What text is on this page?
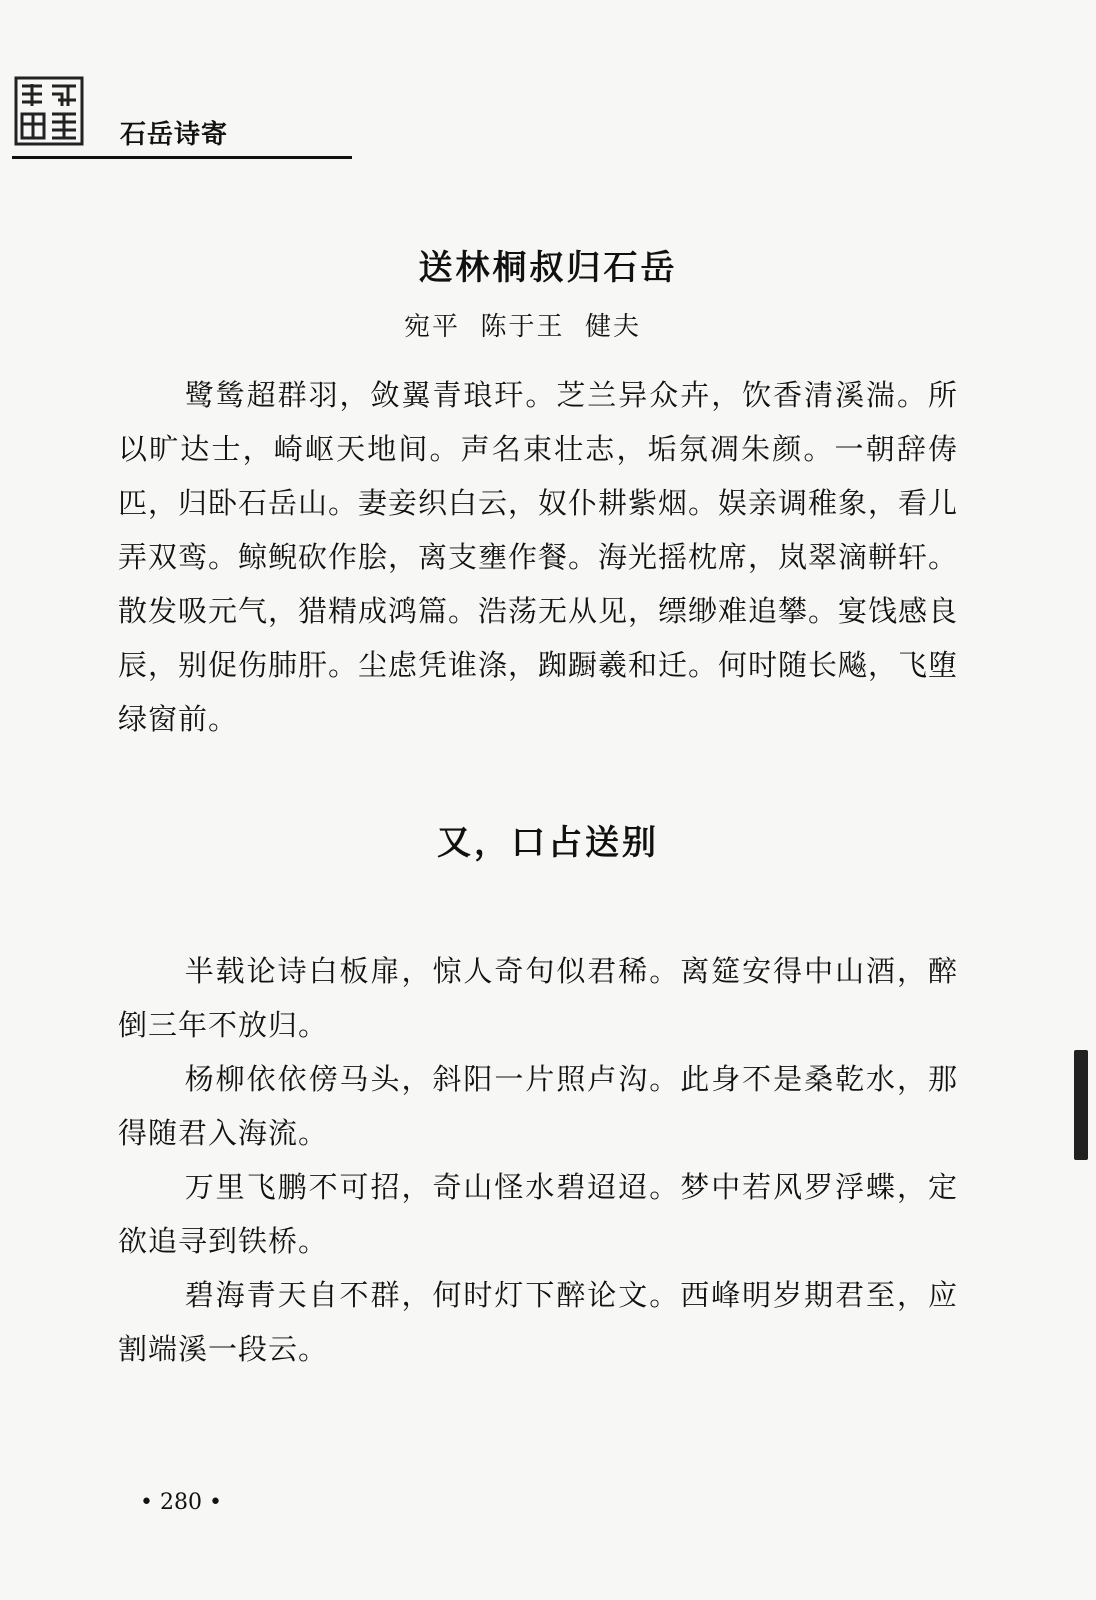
石岳诗寄
送林桐叔归石岳
宛平  陈于王  健夫

鹭鸶超群羽，敛翼青琅玕。芝兰异众卉，饮香清溪湍。所以旷达士，崎岖天地间。声名束壮志，垢氛凋朱颜。一朝辞俦匹，归卧石岳山。妻妾织白云，奴仆耕紫烟。娱亲调稚象，看儿弄双鸾。鲸鲵砍作脍，离支壅作餐。海光摇枕席，岚翠滴軿轩。散发吸元气，猎精成鸿篇。浩荡无从见，缥缈难追攀。宴饯感良辰，别促伤肺肝。尘虑凭谁涤，踟蹰羲和迁。何时随长飚，飞堕绿窗前。

又，口占送别

半载论诗白板扉，惊人奇句似君稀。离筵安得中山酒，醉倒三年不放归。

杨柳依依傍马头，斜阳一片照卢沟。此身不是桑乾水，那得随君入海流。

万里飞鹏不可招，奇山怪水碧迢迢。梦中若风罗浮蝶，定欲追寻到铁桥。

碧海青天自不群，何时灯下醉论文。西峰明岁期君至，应割端溪一段云。

• 280 •
